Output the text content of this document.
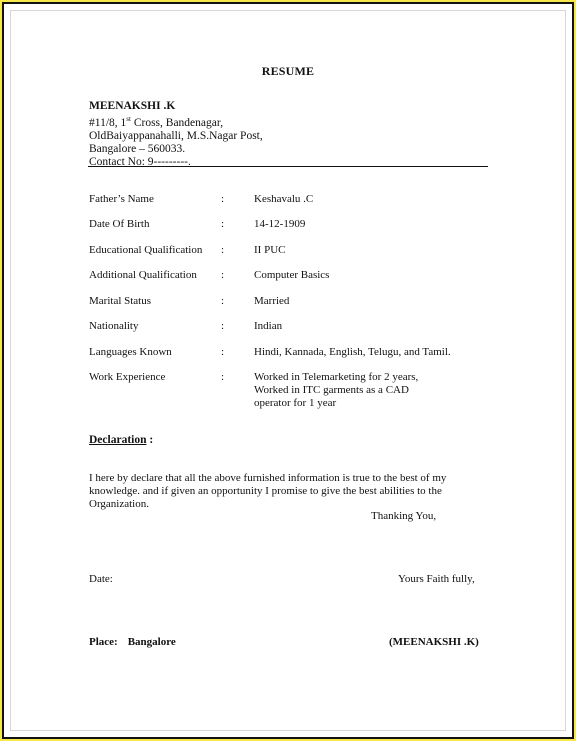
RESUME
MEENAKSHI .K
#11/8, 1st Cross, Bandenagar,
OldBaiyappanahalli, M.S.Nagar Post,
Bangalore – 560033.
Contact No: 9---------.
Father’s Name	:	Keshavalu .C
Date Of Birth	:	14-12-1909
Educational Qualification	:	II PUC
Additional Qualification	:	Computer Basics
Marital Status	:	Married
Nationality	:	Indian
Languages Known	:	Hindi, Kannada, English, Telugu, and Tamil.
Work Experience	:	Worked in Telemarketing for 2 years,
Worked in ITC garments as a CAD
operator for 1 year
Declaration :
I here by declare that all the above furnished information is true to the best of my knowledge. and if given an opportunity I promise to give the best abilities to the Organization.
Thanking You,
Date:	Yours Faith fully,
Place: Bangalore	(MEENAKSHI .K)
